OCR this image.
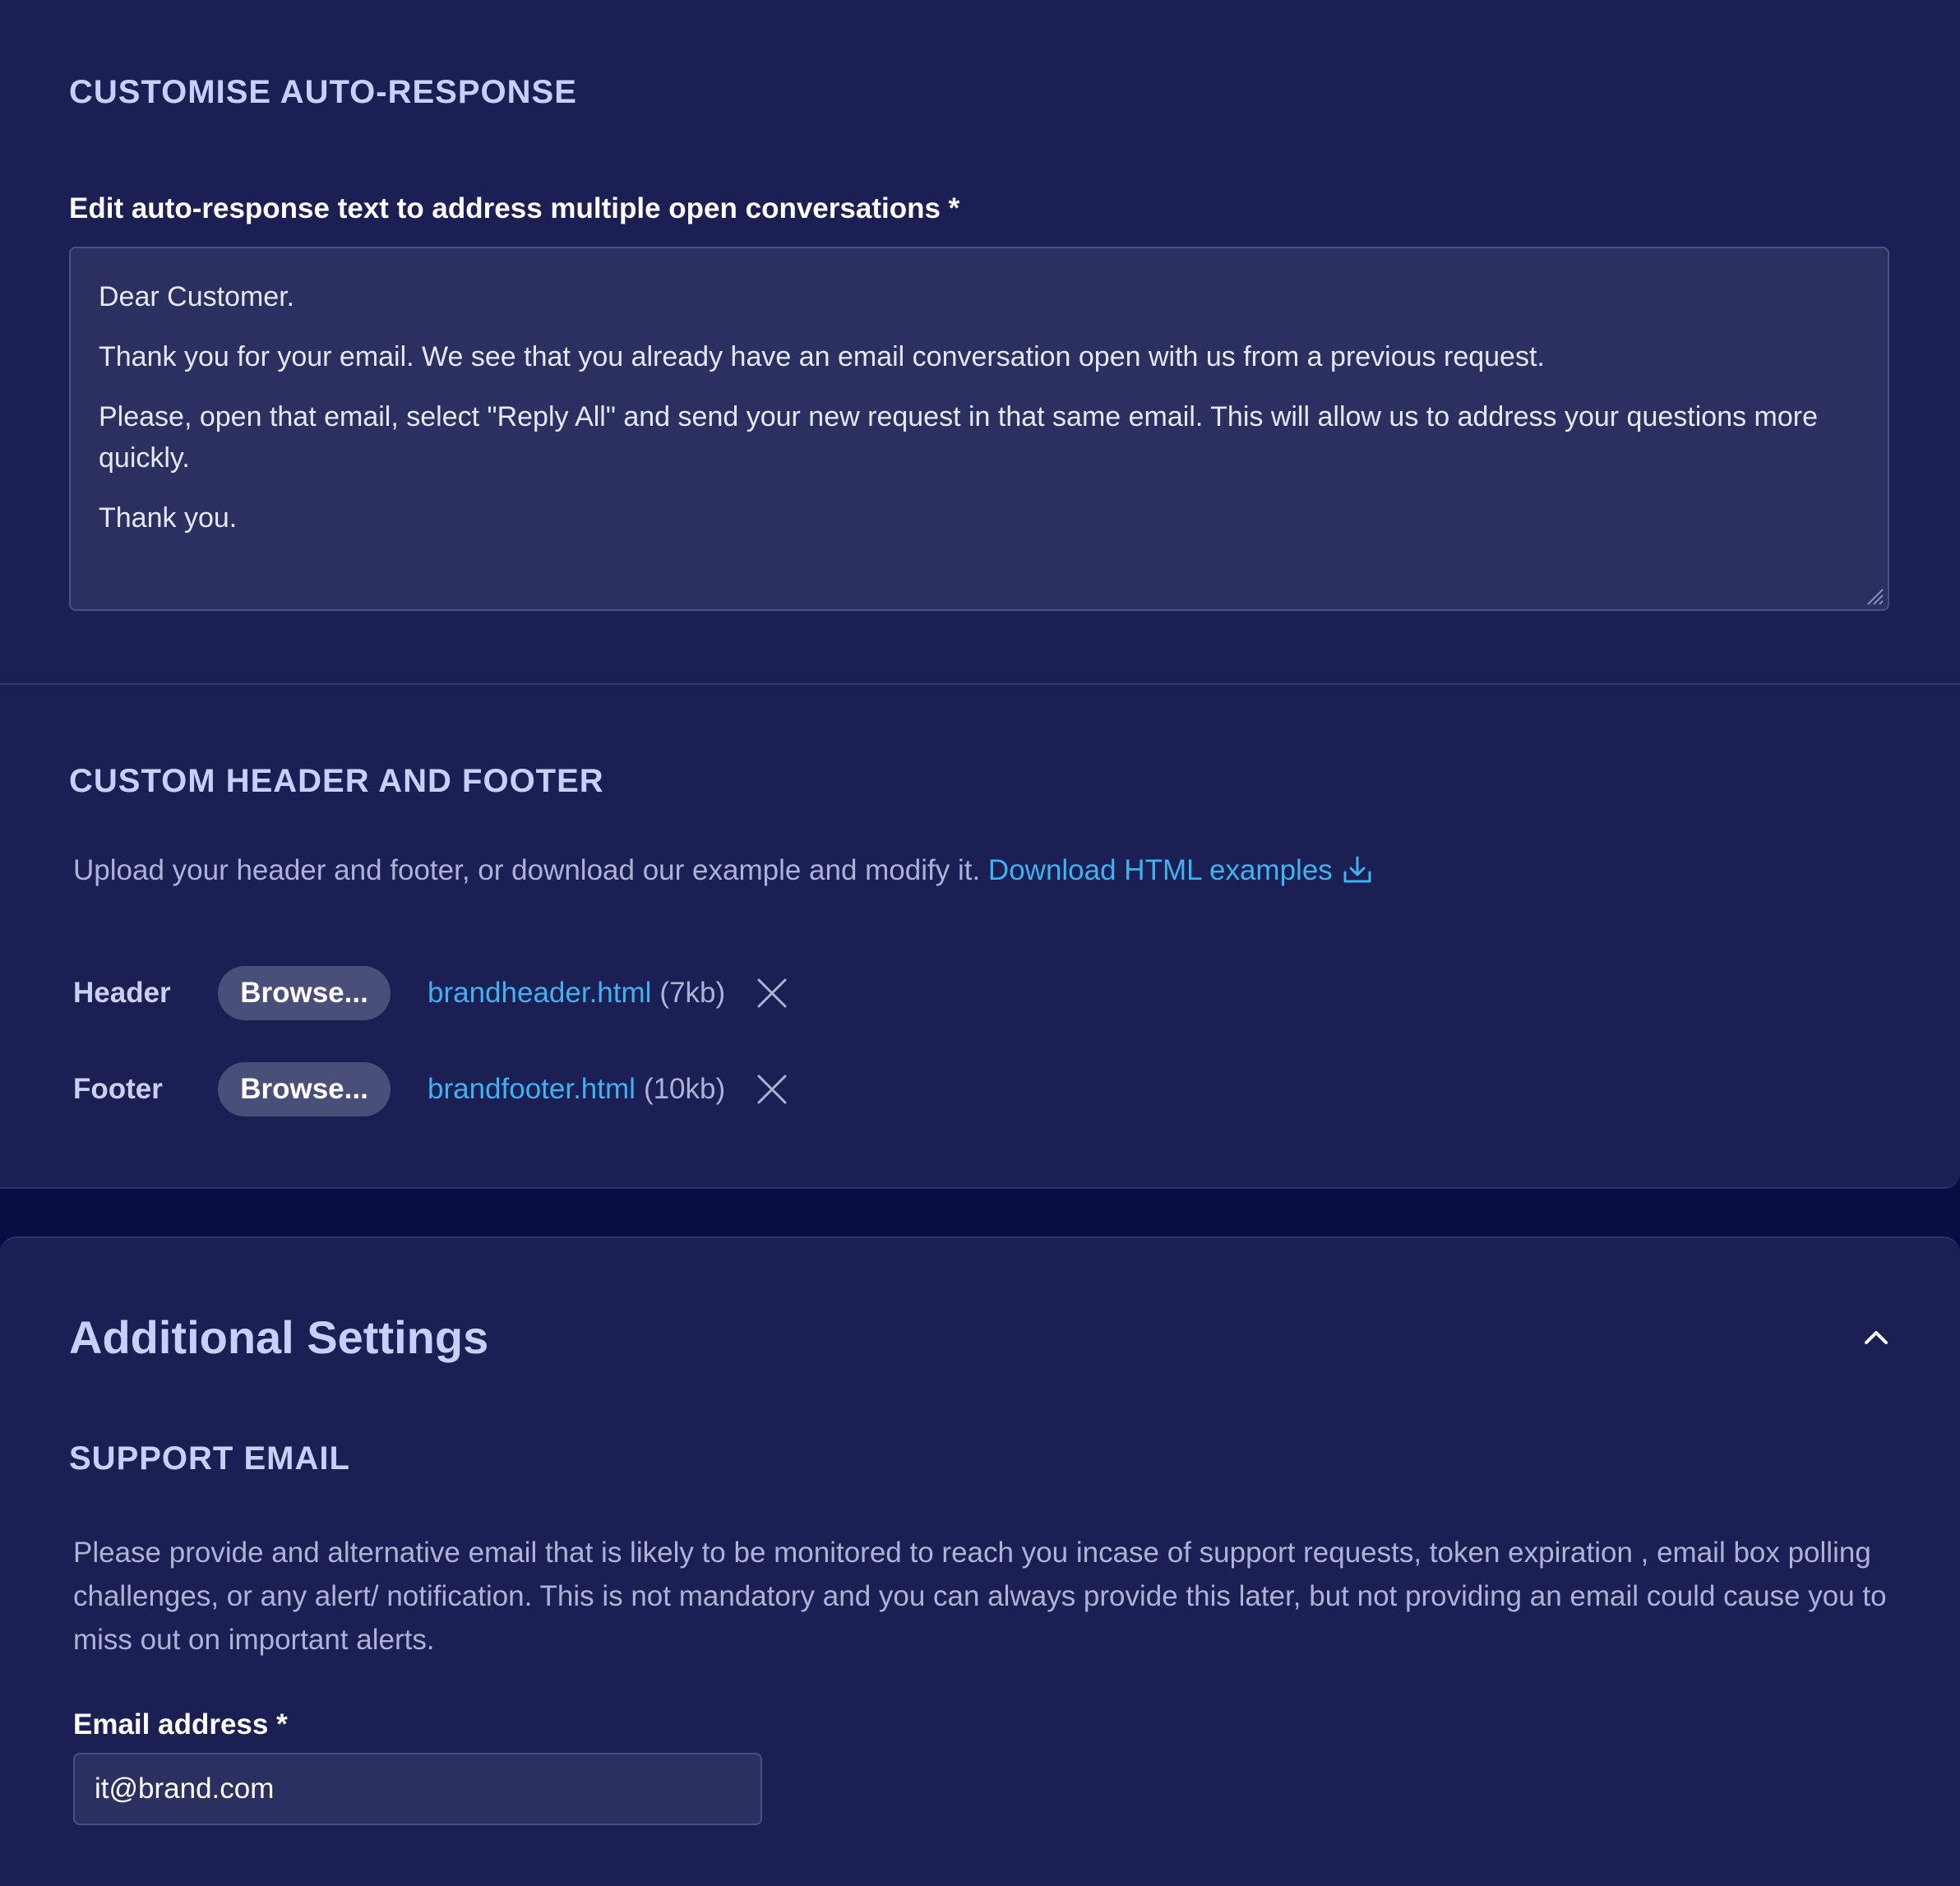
CUSTOMISE AUTO-RESPONSE
Edit auto-response text to address multiple open conversations *

Dear Customer.

Thank you for your email. We see that you already have an email conversation open with us from a previous request.

Please, open that email, select "Reply All" and send your new request in that same email. This will allow us to address your questions more quickly.

Thank you.

CUSTOM HEADER AND FOOTER
Upload your header and footer, or download our example and modify it. Download HTML examples
Header	Browse...	brandheader.html (7kb)
Footer	Browse...	brandfooter.html (10kb)
Additional Settings
SUPPORT EMAIL
Please provide and alternative email that is likely to be monitored to reach you incase of support requests, token expiration , email box polling challenges, or any alert/ notification. This is not mandatory and you can always provide this later, but not providing an email could cause you to miss out on important alerts.
Email address *
it@brand.com
